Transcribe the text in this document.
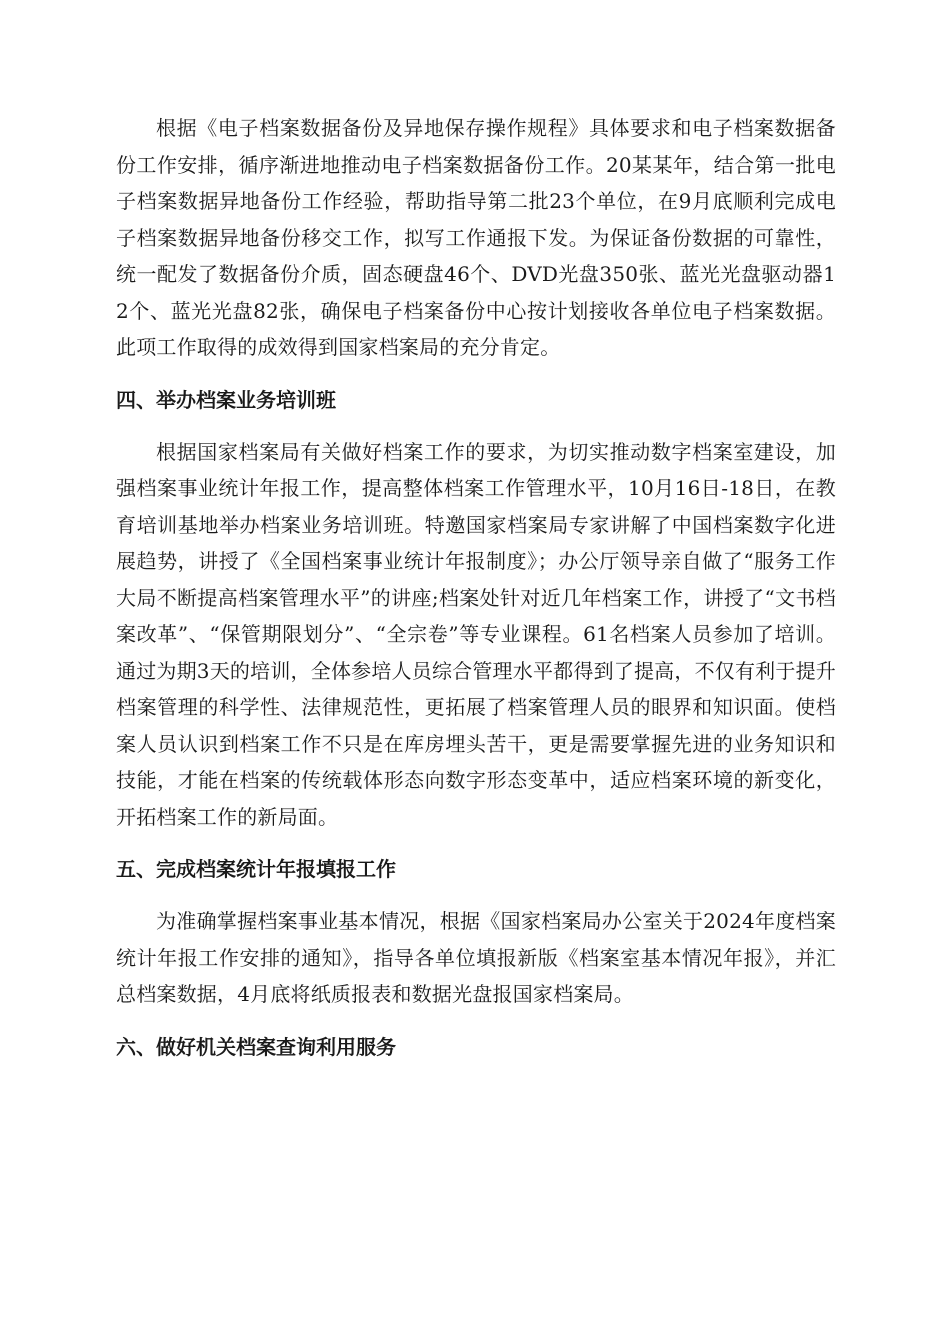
根据《电子档案数据备份及异地保存操作规程》具体要求和电子档案数据备份工作安排，循序渐进地推动电子档案数据备份工作。20某某年，结合第一批电子档案数据异地备份工作经验，帮助指导第二批23个单位，在9月底顺利完成电子档案数据异地备份移交工作，拟写工作通报下发。为保证备份数据的可靠性，统一配发了数据备份介质，固态硬盘46个、DVD光盘350张、蓝光光盘驱动器12个、蓝光光盘82张，确保电子档案备份中心按计划接收各单位电子档案数据。此项工作取得的成效得到国家档案局的充分肯定。

四、举办档案业务培训班

根据国家档案局有关做好档案工作的要求，为切实推动数字档案室建设，加强档案事业统计年报工作，提高整体档案工作管理水平，10月16日-18日，在教育培训基地举办档案业务培训班。特邀国家档案局专家讲解了中国档案数字化进展趋势，讲授了《全国档案事业统计年报制度》；办公厅领导亲自做了“服务工作大局不断提高档案管理水平”的讲座;档案处针对近几年档案工作，讲授了“文书档案改革”、“保管期限划分”、“全宗卷”等专业课程。61名档案人员参加了培训。通过为期3天的培训，全体参培人员综合管理水平都得到了提高，不仅有利于提升档案管理的科学性、法律规范性，更拓展了档案管理人员的眼界和知识面。使档案人员认识到档案工作不只是在库房埋头苦干，更是需要掌握先进的业务知识和技能，才能在档案的传统载体形态向数字形态变革中，适应档案环境的新变化，开拓档案工作的新局面。

五、完成档案统计年报填报工作

为准确掌握档案事业基本情况，根据《国家档案局办公室关于2024年度档案统计年报工作安排的通知》，指导各单位填报新版《档案室基本情况年报》，并汇总档案数据，4月底将纸质报表和数据光盘报国家档案局。

六、做好机关档案查询利用服务
